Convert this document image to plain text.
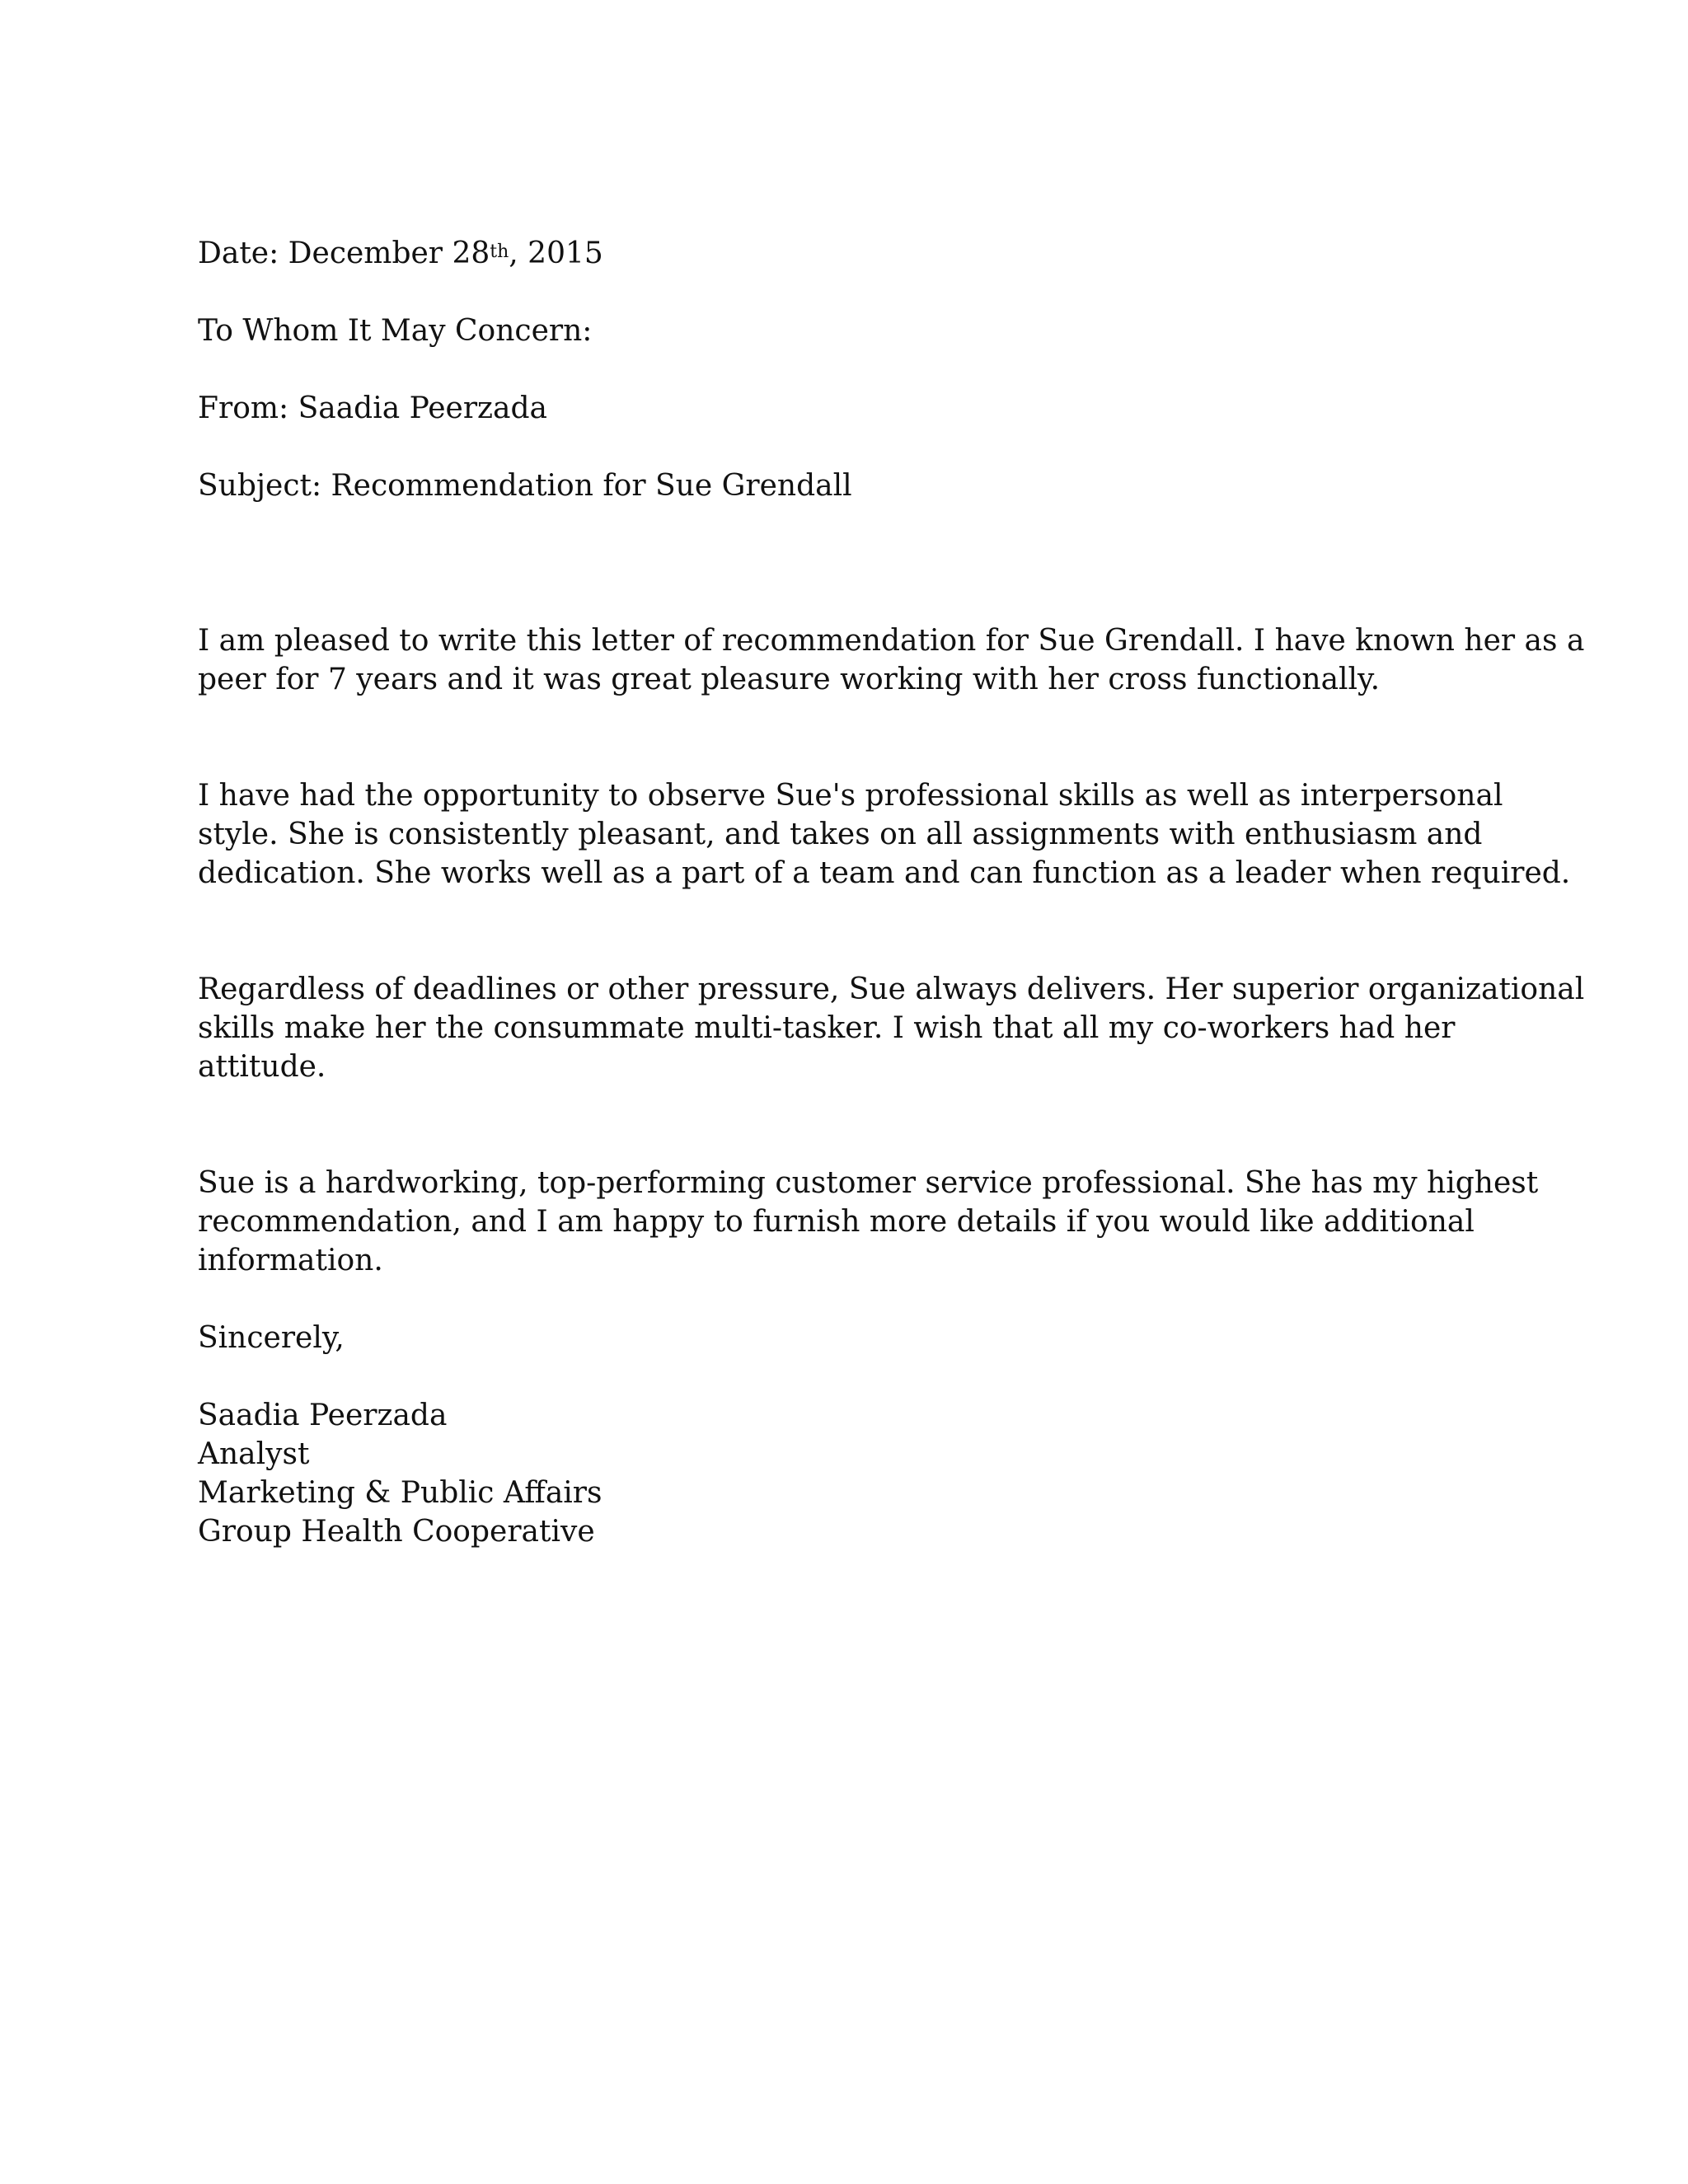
Date: December 28th, 2015

To Whom It May Concern:

From: Saadia Peerzada

Subject: Recommendation for Sue Grendall

I am pleased to write this letter of recommendation for Sue Grendall. I have known her as a

peer for 7 years and it was great pleasure working with her cross functionally.

I have had the opportunity to observe Sue's professional skills as well as interpersonal

style. She is consistently pleasant, and takes on all assignments with enthusiasm and

dedication. She works well as a part of a team and can function as a leader when required.

Regardless of deadlines or other pressure, Sue always delivers. Her superior organizational

skills make her the consummate multi-tasker. I wish that all my co-workers had her

attitude.

Sue is a hardworking, top-performing customer service professional. She has my highest

recommendation, and I am happy to furnish more details if you would like additional

information.

Sincerely,

Saadia Peerzada

Analyst

Marketing & Public Affairs

Group Health Cooperative
